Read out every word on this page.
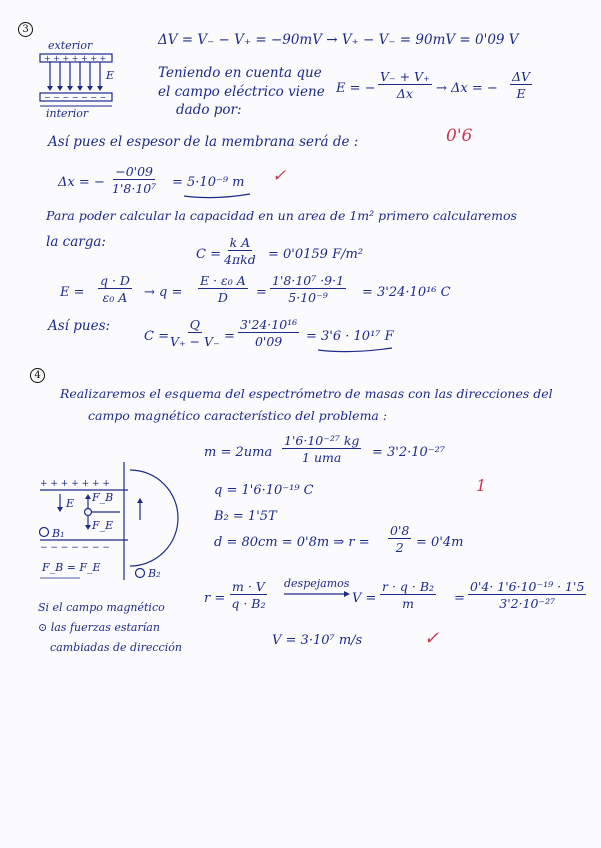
3
exterior
+ + + + + + +
− − − − − − −
E
interior
ΔV = V₋ − V₊ = −90mV → V₊ − V₋ = 90mV = 0'09 V
Teniendo en cuenta que
el campo eléctrico viene
dado por:
E = − $\frac{V_- + V_+}{\Delta x} \to \Delta x$ = − $\frac{\Delta V}{E}$
Así pues el espesor de la membrana será de :	0'6
Δx = − $\frac{-0'09}{\text{1'8·10⁷}} = 5\cdot 10^{-9}$ m ✓
Para poder calcular la capacidad en un area de 1m² primero calcularemos
la carga:
C =
k A
4πkd = 0'0159 F/m²
$E = \frac{q \cdot D}{\text{ε₀ A}} \to q = \frac{\text{E · ε₀ A}}{D} = \frac{\text{1'8·10⁷ ·9·1}}{\text{5·10⁻⁹}} = 3'24\cdot 10^{16}$ C
Así pues:
$C = \frac{Q}{V_+ - V_-} = \frac{\text{3'24·10¹⁶}}{0'09} = 3'6 \cdot 10^{17}$ F
4
Realizaremos el esquema del espectrómetro de masas con las direcciones del
campo magnético característico del problema :
m = 2uma
1'6·10⁻²⁷ kg
1 uma = 3'2·10⁻²⁷
1
q = 1'6·10⁻¹⁹ C
B₂ = 1'5T
d = 80cm = 0'8m ⇒ $r = \frac{0'8}{2} = 0'4m$
+ + + + + + +
− − − − − − −
E F_B
F_E
B₁
F_B = F_E	B₂
Si el campo magnético
⊙ las fuerzas estarían
cambiadas de dirección
$r = \frac{m \cdot V}{\text{q · B₂}}$ despejamos
$V = \frac{\text{r · q · B₂}}{m} = \frac{\text{0'4· 1'6·10⁻¹⁹ · 1'5}}{\text{3'2·10⁻²⁷}}$
V = 3·10⁷ m/s	✓
